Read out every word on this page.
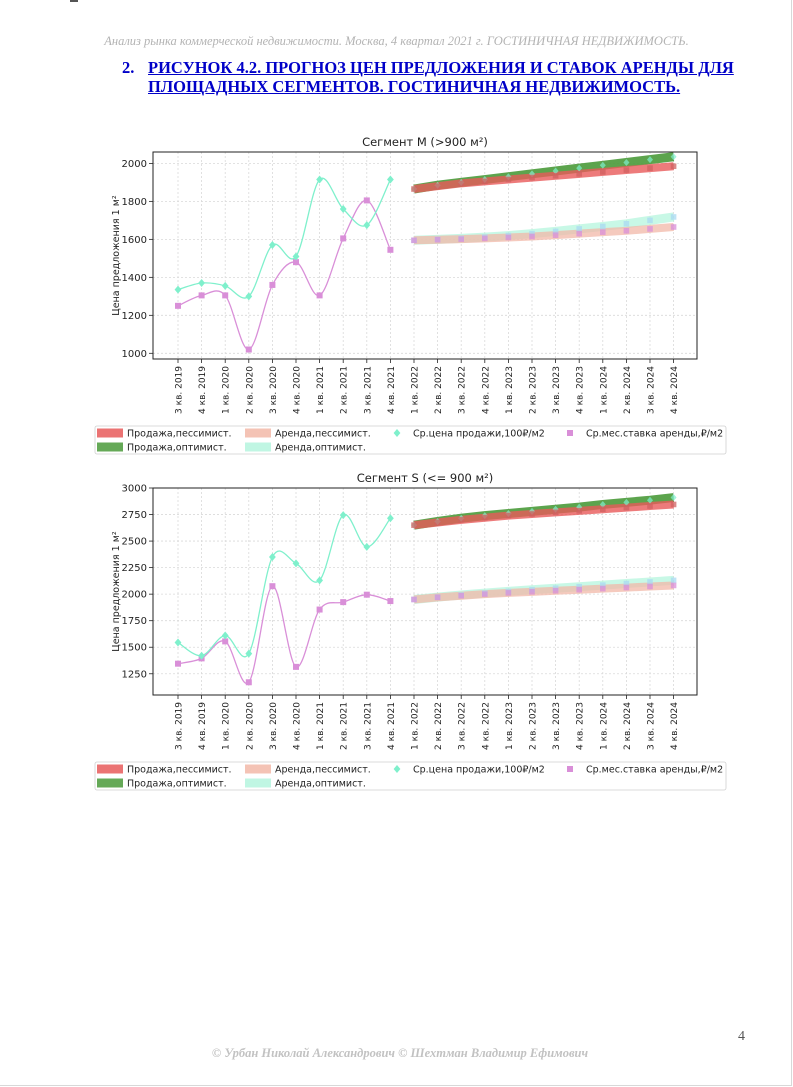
Анализ рынка коммерческой недвижимости. Москва, 4 квартал 2021 г. ГОСТИНИЧНАЯ НЕДВИЖИМОСТЬ.
2. РИСУНОК 4.2. ПРОГНОЗ ЦЕН ПРЕДЛОЖЕНИЯ И СТАВОК АРЕНДЫ ДЛЯ ПЛОЩАДНЫХ СЕГМЕНТОВ. ГОСТИНИЧНАЯ НЕДВИЖИМОСТЬ.
Сегмент M (>900 м²)
1000
1200
1400
1600
1800
2000
3 кв. 2019 4 кв. 2019 1 кв. 2020 2 кв. 2020 3 кв. 2020 4 кв. 2020 1 кв. 2021 2 кв. 2021 3 кв. 2021 4 кв. 2021 1 кв. 2022 2 кв. 2022 3 кв. 2022 4 кв. 2022 1 кв. 2023 2 кв. 2023 3 кв. 2023 4 кв. 2023 1 кв. 2024 2 кв. 2024 3 кв. 2024 4 кв. 2024
Цена предложения 1 м²
Продажа,пессимист.	Аренда,пессимист.	Ср.цена продажи,100₽/м2	Ср.мес.ставка аренды,₽/м2
Продажа,оптимист.	Аренда,оптимист.
Сегмент S (<= 900 м²)
1250
1500
1750
2000
2250
2500
2750
3000
3 кв. 2019 4 кв. 2019 1 кв. 2020 2 кв. 2020 3 кв. 2020 4 кв. 2020 1 кв. 2021 2 кв. 2021 3 кв. 2021 4 кв. 2021 1 кв. 2022 2 кв. 2022 3 кв. 2022 4 кв. 2022 1 кв. 2023 2 кв. 2023 3 кв. 2023 4 кв. 2023 1 кв. 2024 2 кв. 2024 3 кв. 2024 4 кв. 2024
Цена предложения 1 м²
Продажа,пессимист.	Аренда,пессимист.	Ср.цена продажи,100₽/м2	Ср.мес.ставка аренды,₽/м2
Продажа,оптимист.	Аренда,оптимист.
4
© Урбан Николай Александрович © Шехтман Владимир Ефимович
